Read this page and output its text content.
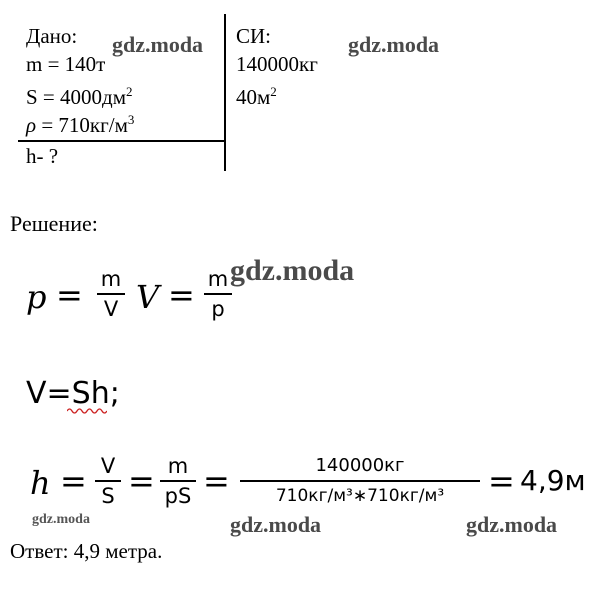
Дано:	СИ:
m = 140т	140000кг
$S = 4000дм^2$	$40м^2$
$\rho = 710кг/м^3$
h- ?
Решение:
p = m
V V = m
p
V=Sh;
h = V
S = m
pS =	140000кг
710кг/м³∗710кг/м³	= 4,9м
Ответ: 4,9 метра.
gdz.moda	gdz.moda
gdz.moda
gdz.moda	gdz.moda	gdz.moda
